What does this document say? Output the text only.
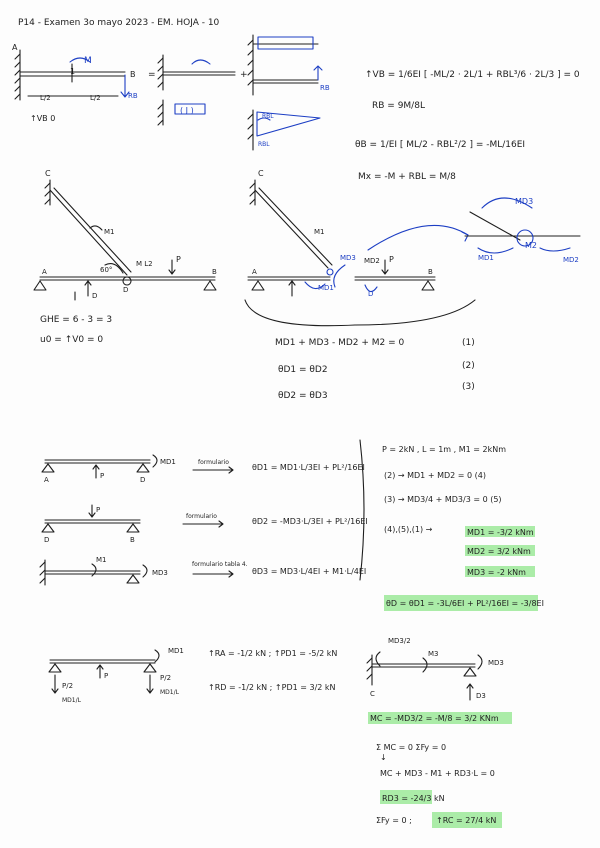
P14 - Examen 3o mayo 2023 - EM. HOJA - 10
A
M
1	B
RB
L/2	L/2
↑VB 0
=
( J )
+
RB
RBL
RBL
↑VB = 1/6EI [ -ML/2 · 2L/1 + RBL³/6 · 2L/3 ] = 0
RB = 9M/8L
θB = 1/EI [ ML/2 - RBL²/2 ] = -ML/16EI
Mx = -M + RBL = M/8
C
M1
60°
M L2	P
A	B
D
D
GHE = 6 - 3 = 3
u0 = ↑V0 = 0
C
M1
MD3 MD2 P
MD1
D
A	B
MD3
M2
MD1	MD2
MD1 + MD3 - MD2 + M2 = 0
θD1 = θD2
θD2 = θD3
(1)
(2)
(3)
MD1
P
A	D
P
D	B
M1
MD3
formulario
formulario
formulario tabla 4.
θD1 = MD1·L/3EI + PL²/16EI
θD2 = -MD3·L/3EI + PL²/16EI
θD3 = MD3·L/4EI + M1·L/4EI
P = 2kN , L = 1m , M1 = 2kNm
(2) → MD1 + MD2 = 0 (4)
(3) → MD3/4 + MD3/3 = 0 (5)
(4),(5),(1) →	MD1 = -3/2 kNm
MD2 = 3/2 kNm
MD3 = -2 kNm
θD = θD1 = -3L/6EI + PL²/16EI = -3/8EI
MD1
P
P/2
MD1/L
P/2
MD1/L
↑RA = -1/2 kN ; ↑PD1 = -5/2 kN
↑RD = -1/2 kN ; ↑PD1 = 3/2 kN
MD3/2
M3
C	D3
MD3
MC = -MD3/2 = -M/8 = 3/2 KNm
Σ MC = 0 ΣFy = 0
↓
MC + MD3 - M1 + RD3·L = 0
RD3 = -24/3 kN
ΣFy = 0 ;	↑RC = 27/4 kN
